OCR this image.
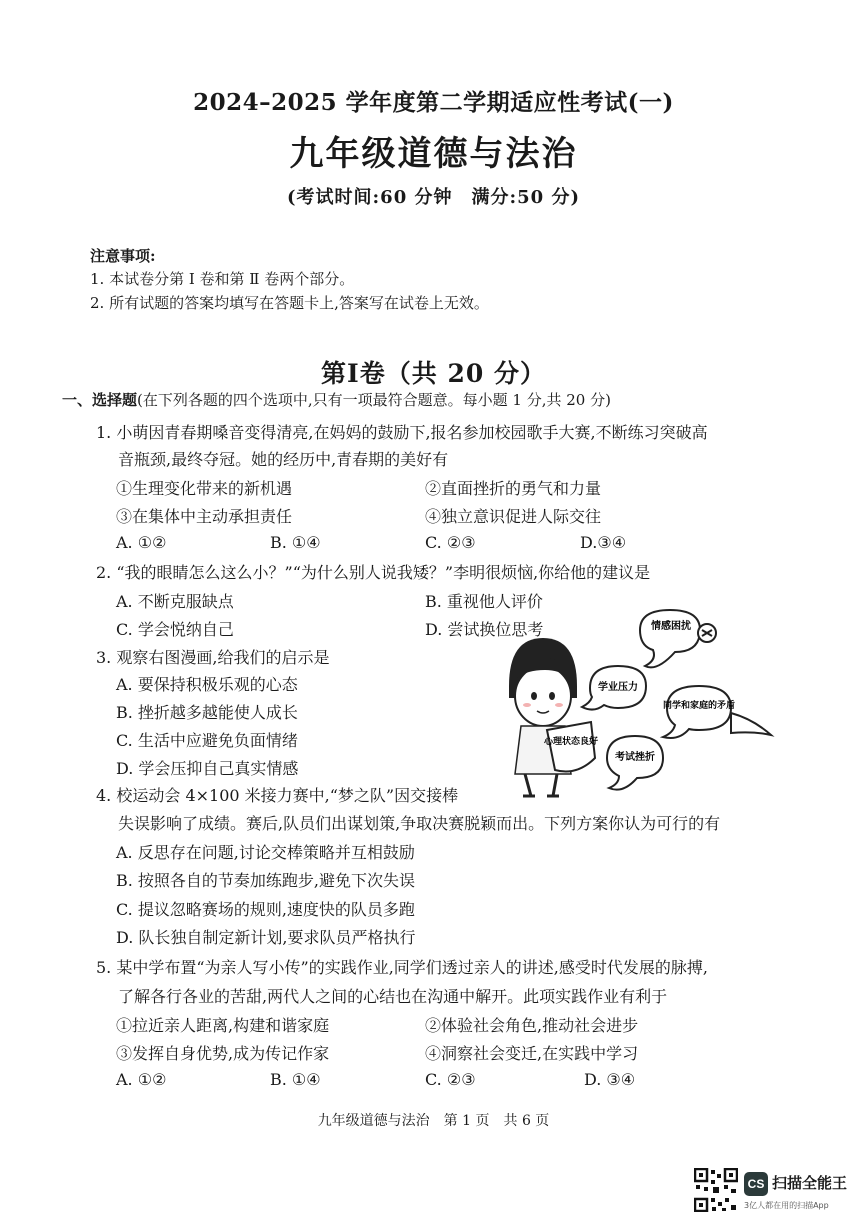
2024–2025 学年度第二学期适应性考试(一)
九年级道德与法治
(考试时间:60 分钟　满分:50 分)
注意事项:
1. 本试卷分第 Ⅰ 卷和第 Ⅱ 卷两个部分。
2. 所有试题的答案均填写在答题卡上,答案写在试卷上无效。
第Ⅰ卷（共 20 分）
一、选择题(在下列各题的四个选项中,只有一项最符合题意。每小题 1 分,共 20 分)
1. 小萌因青春期嗓音变得清亮,在妈妈的鼓励下,报名参加校园歌手大赛,不断练习突破高
音瓶颈,最终夺冠。她的经历中,青春期的美好有
①生理变化带来的新机遇	②直面挫折的勇气和力量
③在集体中主动承担责任	④独立意识促进人际交往
A. ①②	B. ①④	C. ②③	D.③④
2. “我的眼睛怎么这么小？”“为什么别人说我矮？”李明很烦恼,你给他的建议是
A. 不断克服缺点	B. 重视他人评价
C. 学会悦纳自己	D. 尝试换位思考
3. 观察右图漫画,给我们的启示是
A. 要保持积极乐观的心态
B. 挫折越多越能使人成长
C. 生活中应避免负面情绪
D. 学会压抑自己真实情感
情感困扰
学业压力
同学和家庭的矛盾
考试挫折
心理状态良好
4. 校运动会 4×100 米接力赛中,“梦之队”因交接棒
失误影响了成绩。赛后,队员们出谋划策,争取决赛脱颖而出。下列方案你认为可行的有
A. 反思存在问题,讨论交棒策略并互相鼓励
B. 按照各自的节奏加练跑步,避免下次失误
C. 提议忽略赛场的规则,速度快的队员多跑
D. 队长独自制定新计划,要求队员严格执行
5. 某中学布置“为亲人写小传”的实践作业,同学们透过亲人的讲述,感受时代发展的脉搏,
了解各行各业的苦甜,两代人之间的心结也在沟通中解开。此项实践作业有利于
①拉近亲人距离,构建和谐家庭	②体验社会角色,推动社会进步
③发挥自身优势,成为传记作家	④洞察社会变迁,在实践中学习
A. ①②	B. ①④	C. ②③	D. ③④
九年级道德与法治　第 1 页　共 6 页
CS 扫描全能王
3亿人都在用的扫描App
